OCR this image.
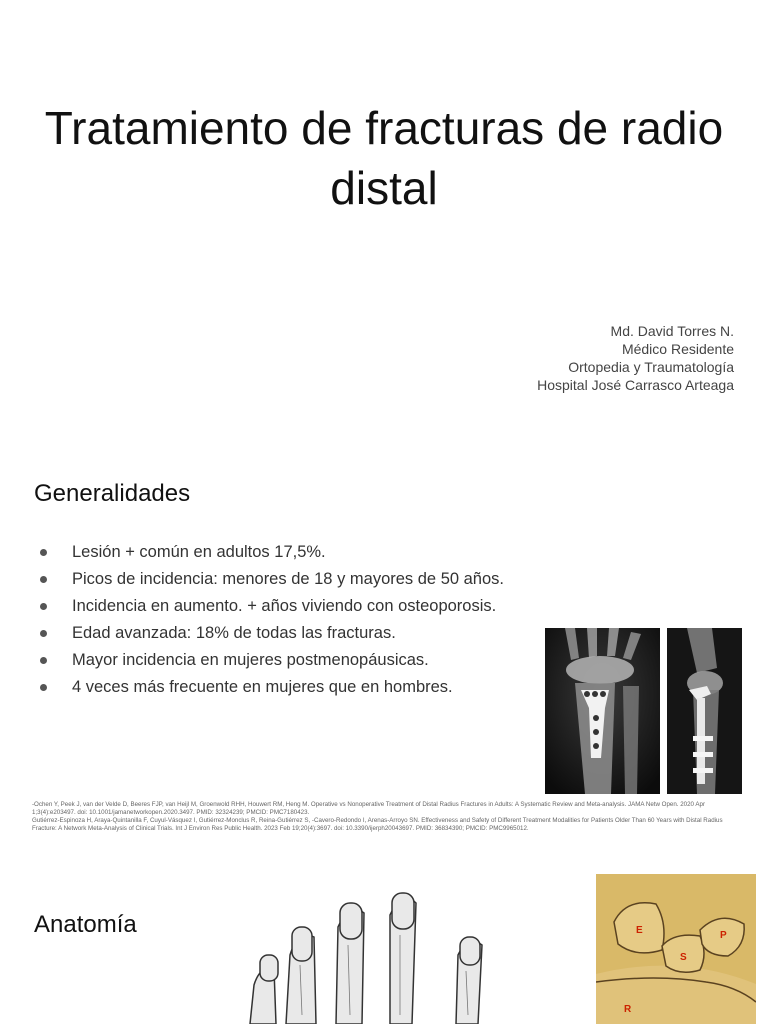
Tratamiento de fracturas de radio distal
Md. David Torres N.
Médico Residente
Ortopedia y Traumatología
Hospital José Carrasco Arteaga
Generalidades
Lesión + común en adultos 17,5%.
Picos de incidencia: menores de 18 y mayores de 50 años.
Incidencia en aumento. + años viviendo con osteoporosis.
Edad avanzada: 18% de todas las fracturas.
Mayor incidencia en mujeres postmenopáusicas.
4 veces más frecuente en mujeres que en hombres.
-Ochen Y, Peek J, van der Velde D, Beeres FJP, van Heijl M, Groenwold RHH, Houwert RM, Heng M. Operative vs Nonoperative Treatment of Distal Radius Fractures in Adults: A Systematic Review and Meta-analysis. JAMA Netw Open. 2020 Apr 1;3(4):e203497. doi: 10.1001/jamanetworkopen.2020.3497. PMID: 32324239; PMCID: PMC7180423.
Gutiérrez-Espinoza H, Araya-Quintanilla F, Cuyul-Vásquez I, Gutiérrez-Monclus R, Reina-Gutiérrez S, -Cavero-Redondo I, Arenas-Arroyo SN. Effectiveness and Safety of Different Treatment Modalities for Patients Older Than 60 Years with Distal Radius Fracture: A Network Meta-Analysis of Clinical Trials. Int J Environ Res Public Health. 2023 Feb 19;20(4):3697. doi: 10.3390/ijerph20043697. PMID: 36834390; PMCID: PMC9965012.
Anatomía	E	P
S
R
